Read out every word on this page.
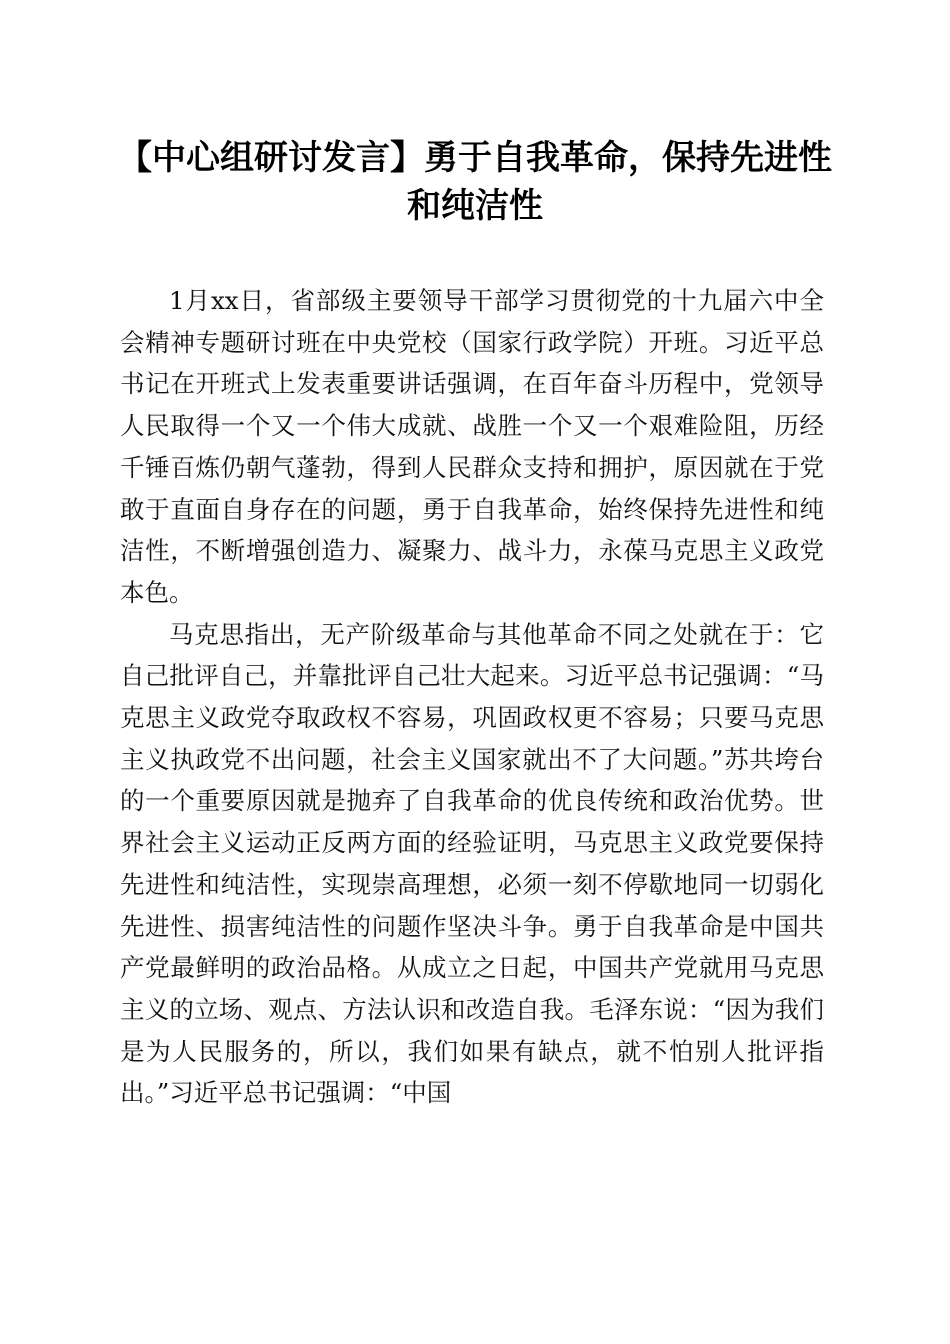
【中心组研讨发言】勇于自我革命，保持先进性和纯洁性

1月xx日，省部级主要领导干部学习贯彻党的十九届六中全会精神专题研讨班在中央党校（国家行政学院）开班。习近平总书记在开班式上发表重要讲话强调，在百年奋斗历程中，党领导人民取得一个又一个伟大成就、战胜一个又一个艰难险阻，历经千锤百炼仍朝气蓬勃，得到人民群众支持和拥护，原因就在于党敢于直面自身存在的问题，勇于自我革命，始终保持先进性和纯洁性，不断增强创造力、凝聚力、战斗力，永葆马克思主义政党本色。

马克思指出，无产阶级革命与其他革命不同之处就在于：它自己批评自己，并靠批评自己壮大起来。习近平总书记强调：“马克思主义政党夺取政权不容易，巩固政权更不容易；只要马克思主义执政党不出问题，社会主义国家就出不了大问题。”苏共垮台的一个重要原因就是抛弃了自我革命的优良传统和政治优势。世界社会主义运动正反两方面的经验证明，马克思主义政党要保持先进性和纯洁性，实现崇高理想，必须一刻不停歇地同一切弱化先进性、损害纯洁性的问题作坚决斗争。勇于自我革命是中国共产党最鲜明的政治品格。从成立之日起，中国共产党就用马克思主义的立场、观点、方法认识和改造自我。毛泽东说：“因为我们是为人民服务的，所以，我们如果有缺点，就不怕别人批评指出。”习近平总书记强调：“中国
